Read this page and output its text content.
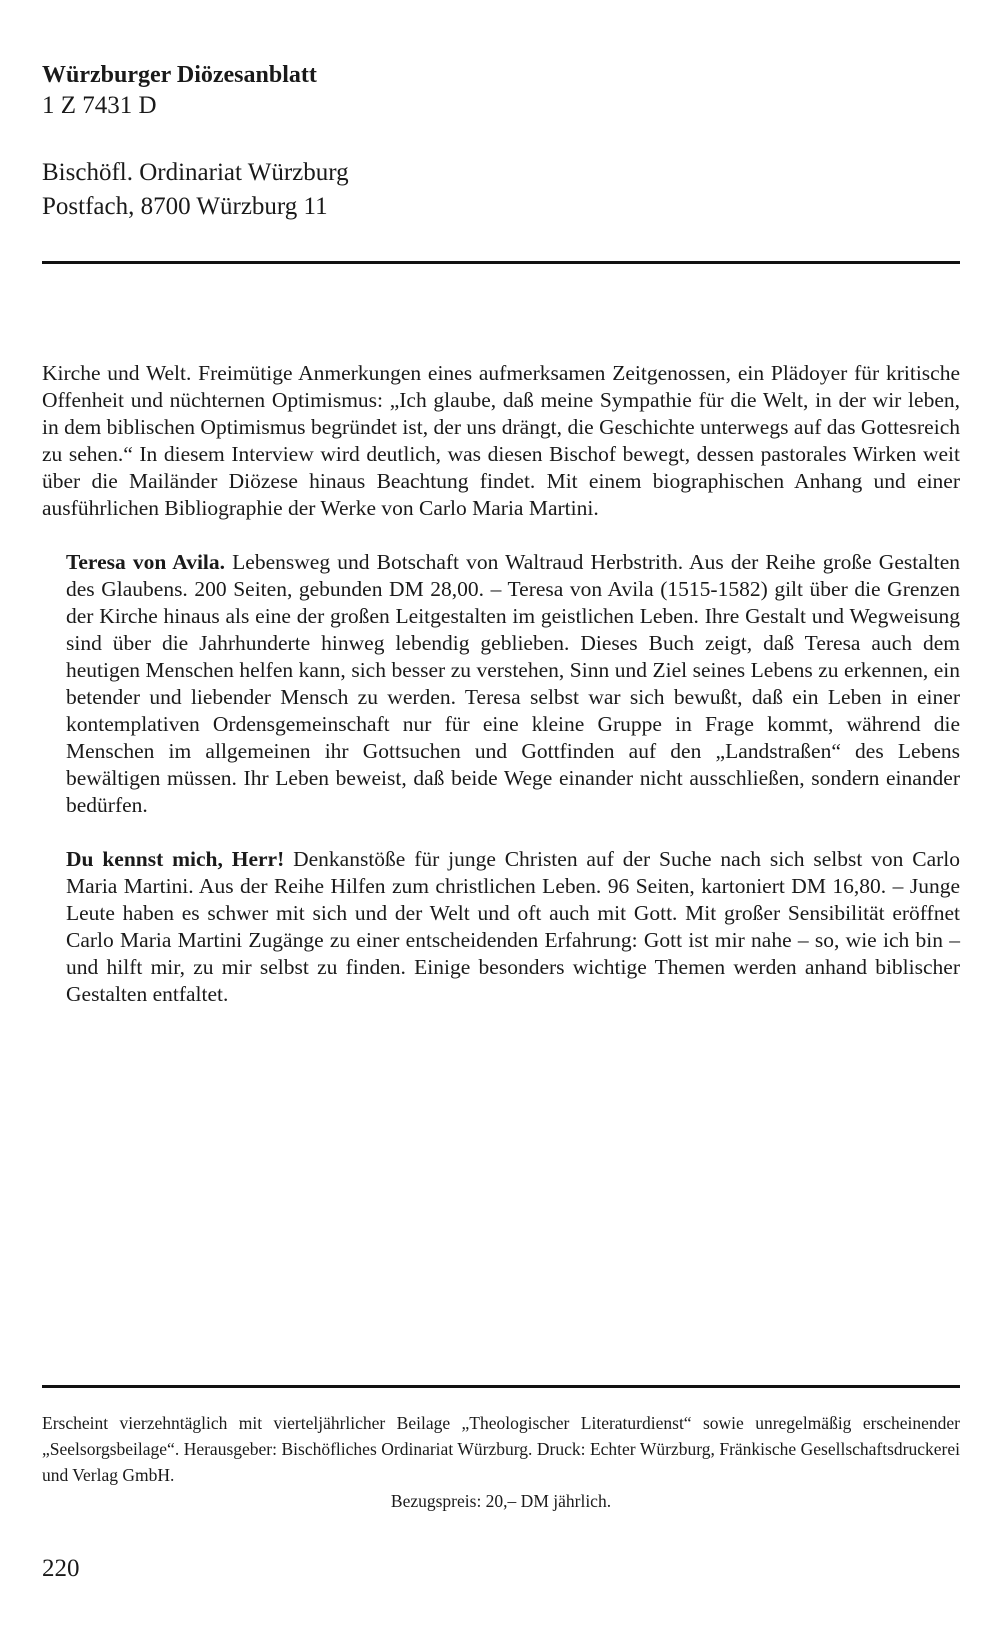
Würzburger Diözesanblatt
1 Z 7431 D
Bischöfl. Ordinariat Würzburg
Postfach, 8700 Würzburg 11

Kirche und Welt. Freimütige Anmerkungen eines aufmerksamen Zeitgenossen, ein Plädoyer für kritische Offenheit und nüchternen Optimismus: „Ich glaube, daß meine Sympathie für die Welt, in der wir leben, in dem biblischen Optimismus begründet ist, der uns drängt, die Geschichte unterwegs auf das Gottesreich zu sehen.“ In diesem Interview wird deutlich, was diesen Bischof bewegt, dessen pastorales Wirken weit über die Mailänder Diözese hinaus Beachtung findet. Mit einem biographischen Anhang und einer ausführlichen Bibliographie der Werke von Carlo Maria Martini.

Teresa von Avila. Lebensweg und Botschaft von Waltraud Herbstrith. Aus der Reihe große Gestalten des Glaubens. 200 Seiten, gebunden DM 28,00. – Teresa von Avila (1515-1582) gilt über die Grenzen der Kirche hinaus als eine der großen Leitgestalten im geistlichen Leben. Ihre Gestalt und Wegweisung sind über die Jahrhunderte hinweg lebendig geblieben. Dieses Buch zeigt, daß Teresa auch dem heutigen Menschen helfen kann, sich besser zu verstehen, Sinn und Ziel seines Lebens zu erkennen, ein betender und liebender Mensch zu werden. Teresa selbst war sich bewußt, daß ein Leben in einer kontemplativen Ordensgemeinschaft nur für eine kleine Gruppe in Frage kommt, während die Menschen im allgemeinen ihr Gottsuchen und Gottfinden auf den „Landstraßen“ des Lebens bewältigen müssen. Ihr Leben beweist, daß beide Wege einander nicht ausschließen, sondern einander bedürfen.

Du kennst mich, Herr! Denkanstöße für junge Christen auf der Suche nach sich selbst von Carlo Maria Martini. Aus der Reihe Hilfen zum christlichen Leben. 96 Seiten, kartoniert DM 16,80. – Junge Leute haben es schwer mit sich und der Welt und oft auch mit Gott. Mit großer Sensibilität eröffnet Carlo Maria Martini Zugänge zu einer entscheidenden Erfahrung: Gott ist mir nahe – so, wie ich bin – und hilft mir, zu mir selbst zu finden. Einige besonders wichtige Themen werden anhand biblischer Gestalten entfaltet.

Erscheint vierzehntäglich mit vierteljährlicher Beilage „Theologischer Literaturdienst“ sowie unregelmäßig erscheinender „Seelsorgsbeilage“. Herausgeber: Bischöfliches Ordinariat Würzburg. Druck: Echter Würzburg, Fränkische Gesellschaftsdruckerei und Verlag GmbH.
Bezugspreis: 20,– DM jährlich.
220
